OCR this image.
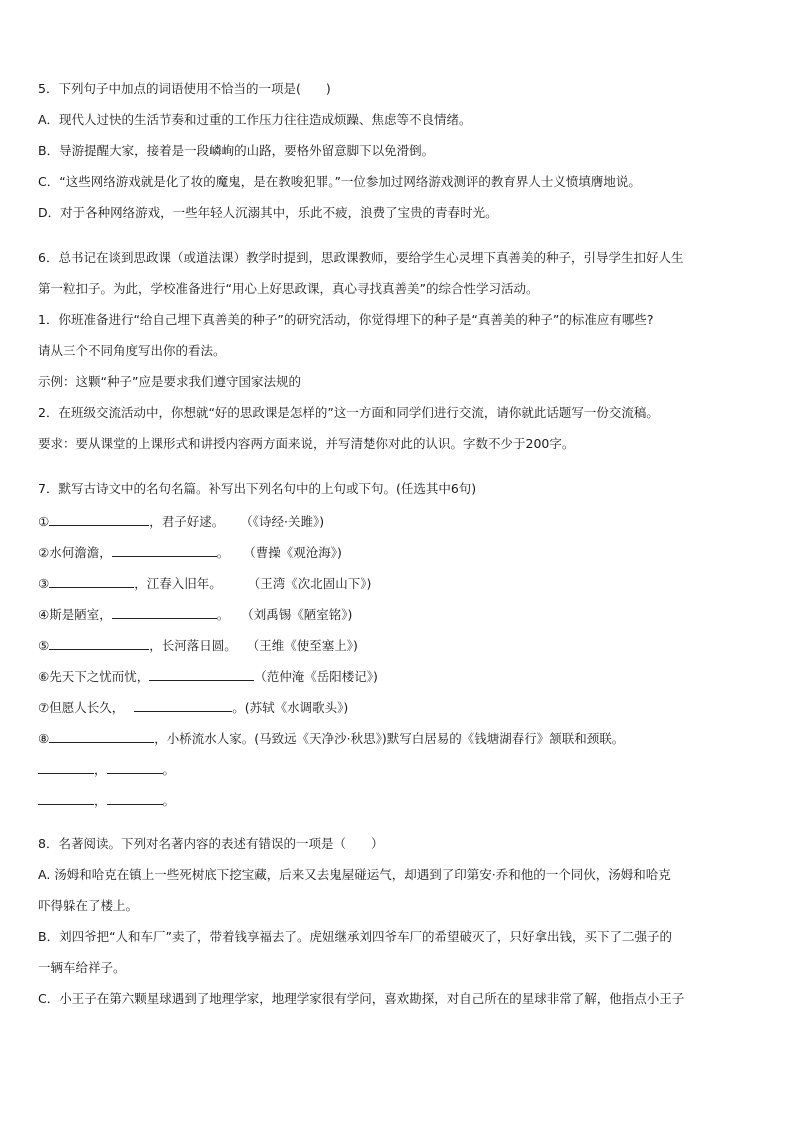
5．下列句子中加点的词语使用不恰当的一项是(　　)
A．现代人过快的生活节奏和过重的工作压力往往造成烦躁、焦虑等不良情绪。
B．导游提醒大家，接着是一段嶙峋的山路，要格外留意脚下以免滑倒。
C．“这些网络游戏就是化了妆的魔鬼，是在教唆犯罪。”一位参加过网络游戏测评的教育界人士义愤填膺地说。
D．对于各种网络游戏，一些年轻人沉溺其中，乐此不疲，浪费了宝贵的青春时光。
6．总书记在谈到思政课（或道法课）教学时提到，思政课教师，要给学生心灵埋下真善美的种子，引导学生扣好人生
第一粒扣子。为此，学校准备进行“用心上好思政课，真心寻找真善美”的综合性学习活动。
1．你班准备进行“给自己埋下真善美的种子”的研究活动，你觉得埋下的种子是“真善美的种子”的标准应有哪些?
请从三个不同角度写出你的看法。
示例：这颗“种子”应是要求我们遵守国家法规的
2．在班级交流活动中，你想就“好的思政课是怎样的”这一方面和同学们进行交流，请你就此话题写一份交流稿。
要求：要从课堂的上课形式和讲授内容两方面来说，并写清楚你对此的认识。字数不少于200字。
7．默写古诗文中的名句名篇。补写出下列名句中的上句或下句。(任选其中6句)
①	，君子好逑。 （《诗经·关雎》)
②水何澹澹，	。 （曹操《观沧海》)
③	，江春入旧年。 （王湾《次北固山下》)
④斯是陋室，	。 （刘禹锡《陋室铭》)
⑤	，长河落日圆。 （王维《使至塞上》)
⑥先天下之忧而忧，	（范仲淹《岳阳楼记》)
⑦但愿人长久，	。(苏轼《水调歌头》)
⑧	，小桥流水人家。(马致远《天净沙·秋思》)默写白居易的《钱塘湖春行》颔联和颈联。
，	。
，	。
8．名著阅读。下列对名著内容的表述有错误的一项是（　　）
A. 汤姆和哈克在镇上一些死树底下挖宝藏，后来又去鬼屋碰运气，却遇到了印第安·乔和他的一个同伙，汤姆和哈克
吓得躲在了楼上。
B．刘四爷把“人和车厂”卖了，带着钱享福去了。虎妞继承刘四爷车厂的希望破灭了，只好拿出钱，买下了二强子的
一辆车给祥子。
C．小王子在第六颗星球遇到了地理学家，地理学家很有学问，喜欢勘探，对自己所在的星球非常了解，他指点小王子
